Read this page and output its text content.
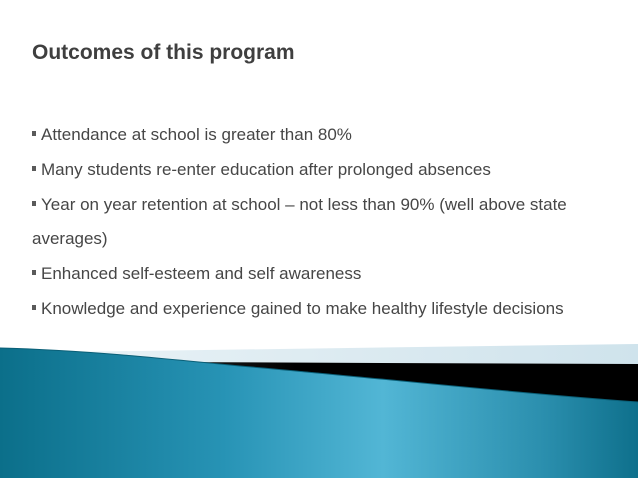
Outcomes of this program
Attendance at school is greater than 80%
Many students re-enter education after prolonged absences
Year on year retention at school – not less than 90% (well above state averages)
Enhanced self-esteem and self awareness
Knowledge and experience gained to make healthy lifestyle decisions
